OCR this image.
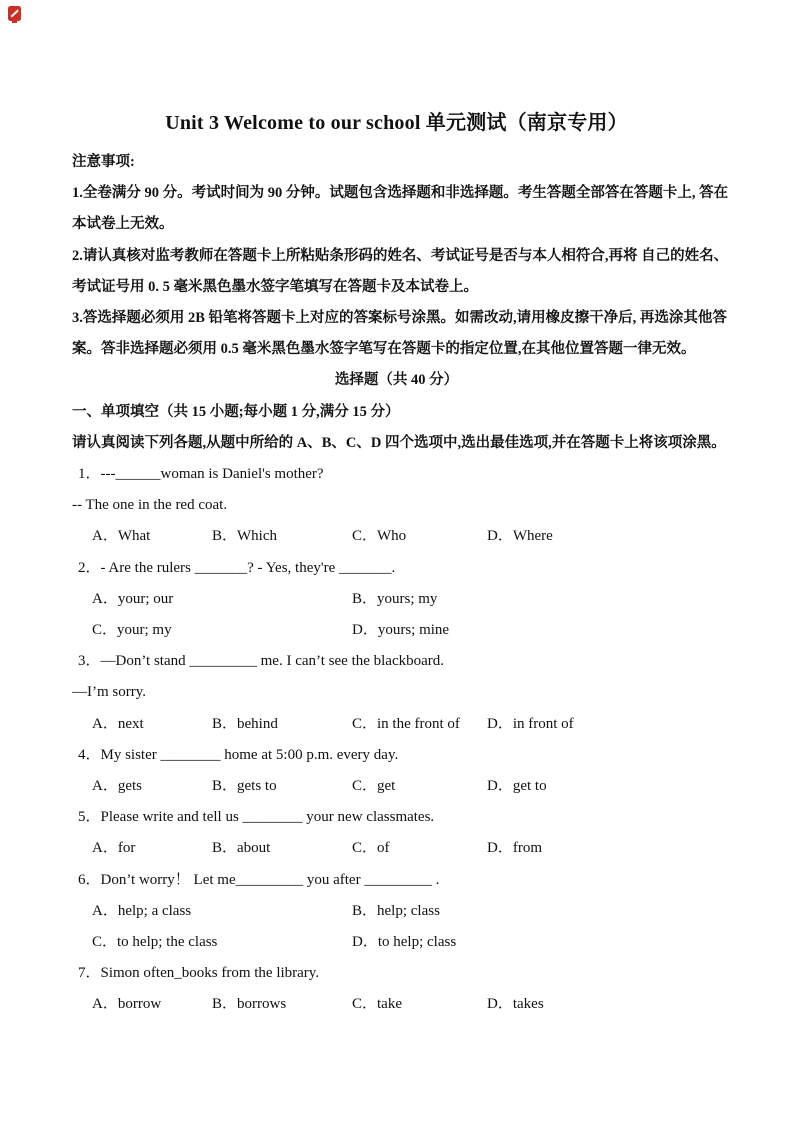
Unit 3 Welcome to our school 单元测试（南京专用）
注意事项:
1.全卷满分 90 分。考试时间为 90 分钟。试题包含选择题和非选择题。考生答题全部答在答题卡上, 答在
本试卷上无效。
2.请认真核对监考教师在答题卡上所粘贴条形码的姓名、考试证号是否与本人相符合,再将 自己的姓名、
考试证号用 0. 5 毫米黑色墨水签字笔填写在答题卡及本试卷上。
3.答选择题必须用 2B 铅笔将答题卡上对应的答案标号涂黑。如需改动,请用橡皮擦干净后, 再选涂其他答
案。答非选择题必须用 0.5 毫米黑色墨水签字笔写在答题卡的指定位置,在其他位置答题一律无效。
选择题（共 40 分）
一、单项填空（共 15 小题;每小题 1 分,满分 15 分）
请认真阅读下列各题,从题中所给的 A、B、C、D 四个选项中,选出最佳选项,并在答题卡上将该项涂黑。
1．---______woman is Daniel's mother?
-- The one in the red coat.
A．What	B．Which	C．Who	D．Where
2．- Are the rulers _______? - Yes, they're _______.
A．your; our	B．yours; my
C．your; my	D．yours; mine
3．—Don’t stand _________ me. I can’t see the blackboard.
—I’m sorry.
A．next	B．behind	C．in the front of	D．in front of
4．My sister ________ home at 5:00 p.m. every day.
A．gets	B．gets to	C．get	D．get to
5．Please write and tell us ________ your new classmates.
A．for	B．about	C．of	D．from
6．Don’t worry！ Let me_________ you after _________ .
A．help; a class	B．help; class
C．to help; the class	D．to help; class
7．Simon often_books from the library.
A．borrow	B．borrows	C．take	D．takes
